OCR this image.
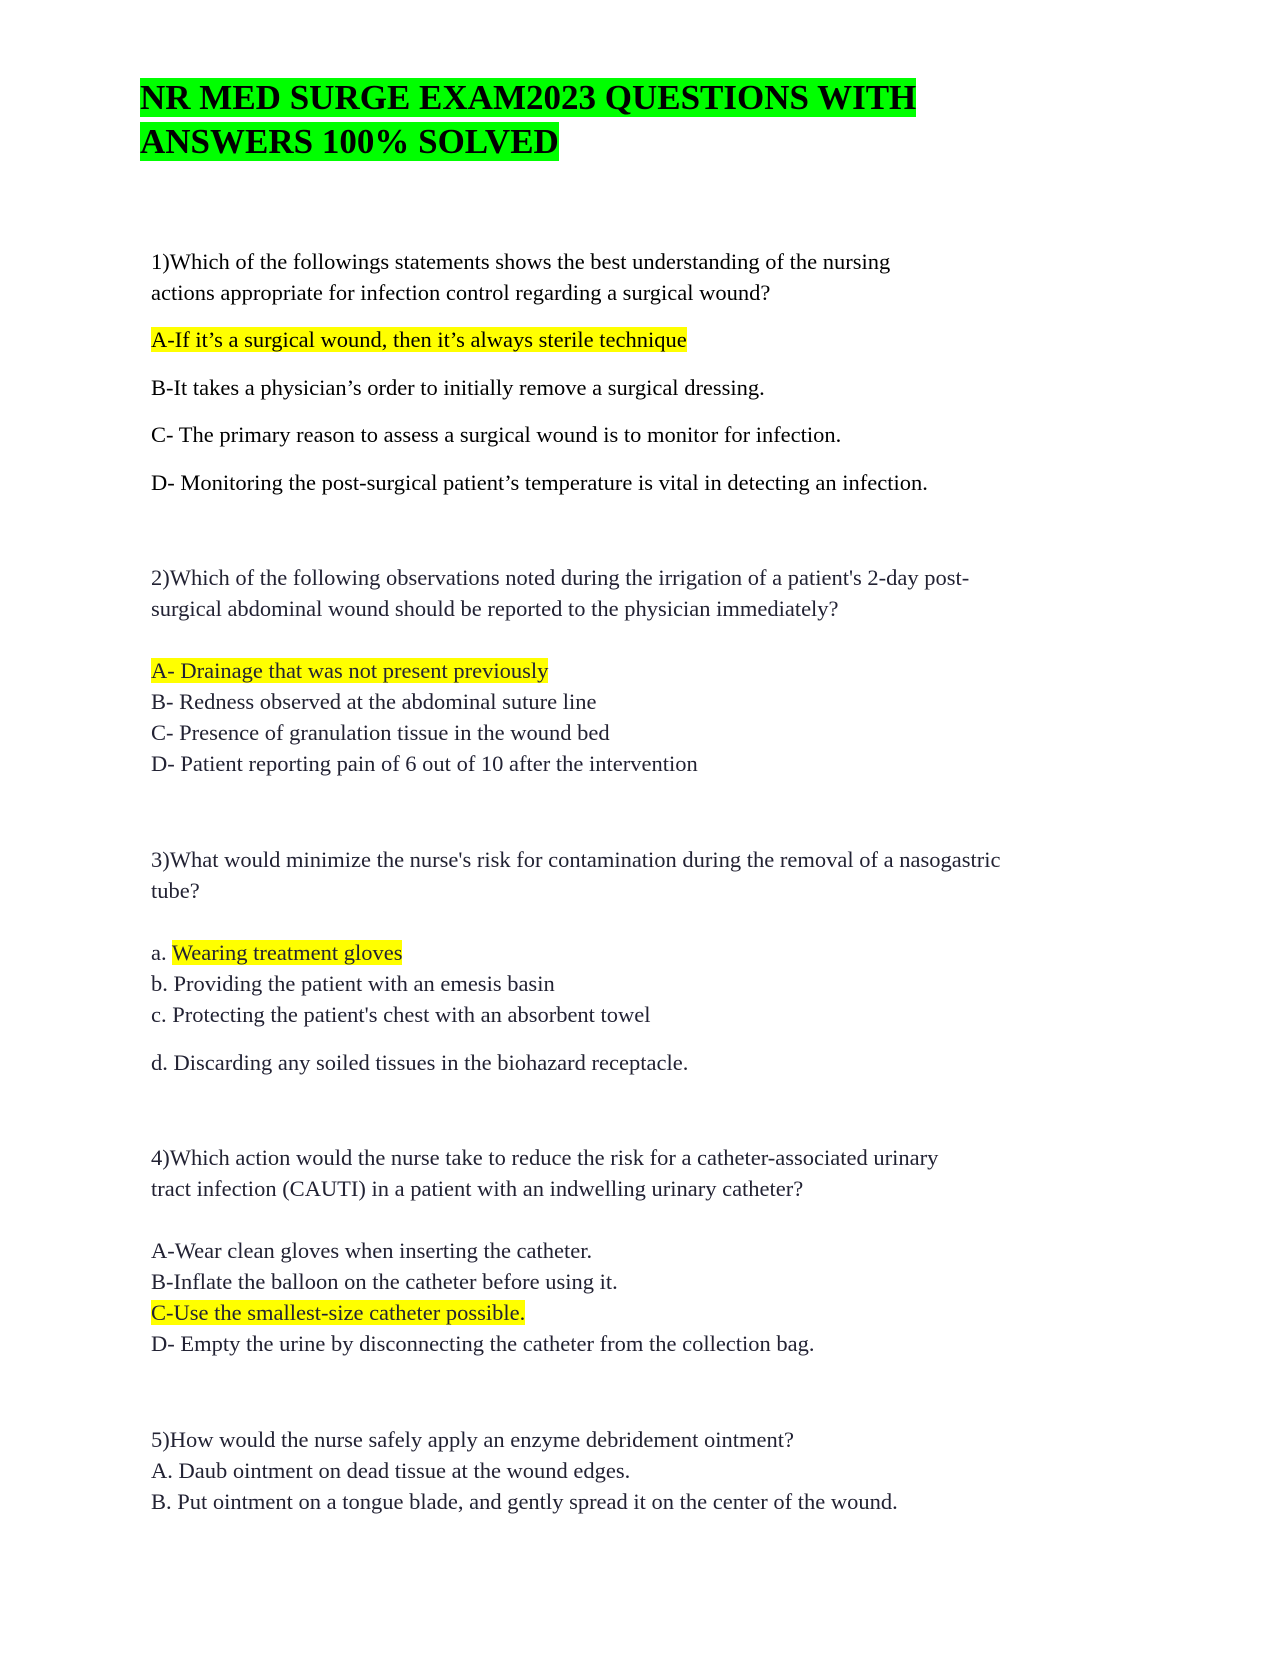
NR MED SURGE EXAM2023 QUESTIONS WITH
ANSWERS 100% SOLVED

1)Which of the followings statements shows the best understanding of the nursing

actions appropriate for infection control regarding a surgical wound?

A-If it’s a surgical wound, then it’s always sterile technique

B-It takes a physician’s order to initially remove a surgical dressing.

C- The primary reason to assess a surgical wound is to monitor for infection.

D- Monitoring the post-surgical patient’s temperature is vital in detecting an infection.

2)Which of the following observations noted during the irrigation of a patient's 2-day post-

surgical abdominal wound should be reported to the physician immediately?

A- Drainage that was not present previously

B- Redness observed at the abdominal suture line

C- Presence of granulation tissue in the wound bed

D- Patient reporting pain of 6 out of 10 after the intervention

3)What would minimize the nurse's risk for contamination during the removal of a nasogastric

tube?

a. Wearing treatment gloves

b. Providing the patient with an emesis basin

c. Protecting the patient's chest with an absorbent towel

d. Discarding any soiled tissues in the biohazard receptacle.

4)Which action would the nurse take to reduce the risk for a catheter-associated urinary

tract infection (CAUTI) in a patient with an indwelling urinary catheter?

A-Wear clean gloves when inserting the catheter.

B-Inflate the balloon on the catheter before using it.

C-Use the smallest-size catheter possible.

D- Empty the urine by disconnecting the catheter from the collection bag.

5)How would the nurse safely apply an enzyme debridement ointment?

A. Daub ointment on dead tissue at the wound edges.

B. Put ointment on a tongue blade, and gently spread it on the center of the wound.
